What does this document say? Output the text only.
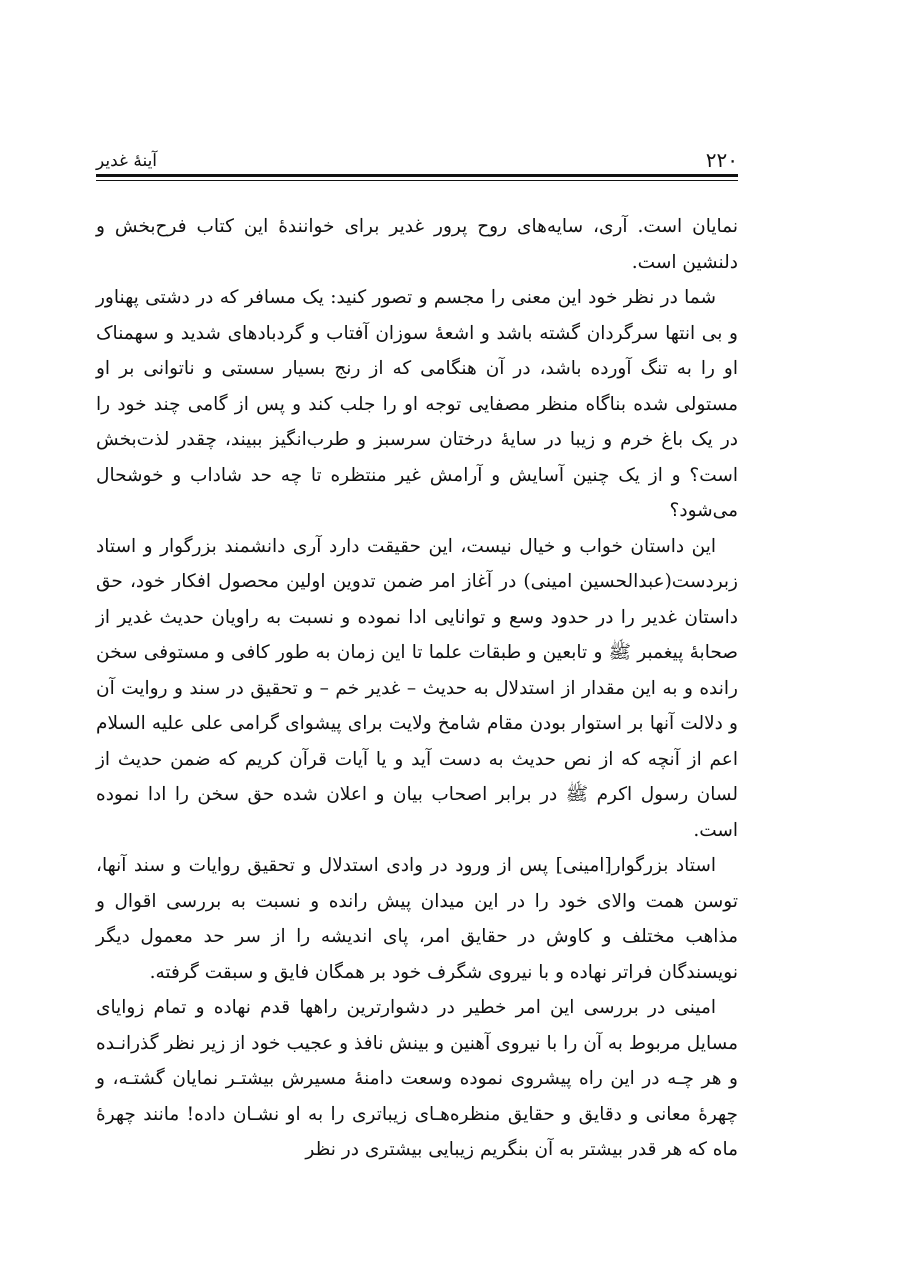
۲۲۰
آینهٔ غدیر

نمایان است. آری، سایه‌های روح پرور غدیر برای خوانندهٔ این کتاب فرح‌بخش و دلنشین است.

شما در نظر خود این معنی را مجسم و تصور کنید: یک مسافر که در دشتی پهناور و بی انتها سرگردان گشته باشد و اشعهٔ سوزان آفتاب و گردبادهای شدید و سهمناک او را به تنگ آورده باشد، در آن هنگامی که از رنج بسیار سستی و ناتوانی بر او مستولی شده بناگاه منظر مصفایی توجه او را جلب کند و پس از گامی چند خود را در یک باغ خرم و زیبا در سایهٔ درختان سرسبز و طرب‌انگیز ببیند، چقدر لذت‌بخش است؟ و از یک چنین آسایش و آرامش غیر منتظره تا چه حد شاداب و خوشحال می‌شود؟

این داستان خواب و خیال نیست، این حقیقت دارد آری دانشمند بزرگوار و استاد زبردست(عبدالحسین امینی) در آغاز امر ضمن تدوین اولین محصول افکار خود، حق داستان غدیر را در حدود وسع و توانایی ادا نموده و نسبت به راویان حدیث غدیر از صحابهٔ پیغمبر ﷺ و تابعین و طبقات علما تا این زمان به طور کافی و مستوفی سخن رانده و به این مقدار از استدلال به حدیث – غدیر خم – و تحقیق در سند و روایت آن و دلالت آنها بر استوار بودن مقام شامخ ولایت برای پیشوای گرامی علی علیه السلام اعم از آنچه که از نص حدیث به دست آید و یا آیات قرآن کریم که ضمن حدیث از لسان رسول اکرم ﷺ در برابر اصحاب بیان و اعلان شده حق سخن را ادا نموده است.

استاد بزرگوار[امینی] پس از ورود در وادی استدلال و تحقیق روایات و سند آنها، توسن همت والای خود را در این میدان پیش رانده و نسبت به بررسی اقوال و مذاهب مختلف و کاوش در حقایق امر، پای اندیشه را از سر حد معمول دیگر نویسندگان فراتر نهاده و با نیروی شگرف خود بر همگان فایق و سبقت گرفته.

امینی در بررسی این امر خطیر در دشوارترین راهها قدم نهاده و تمام زوایای مسایل مربوط به آن را با نیروی آهنین و بینش نافذ و عجیب خود از زیر نظر گذرانـده و هر چـه در این راه پیشروی نموده وسعت دامنهٔ مسیرش بیشتـر نمایان گشتـه، و چهرهٔ معانی و دقایق و حقایق منظره‌هـای زیباتری را به او نشـان داده! مانند چهرهٔ ماه که هر قدر بیشتر به آن بنگریم زیبایی بیشتری در نظر
